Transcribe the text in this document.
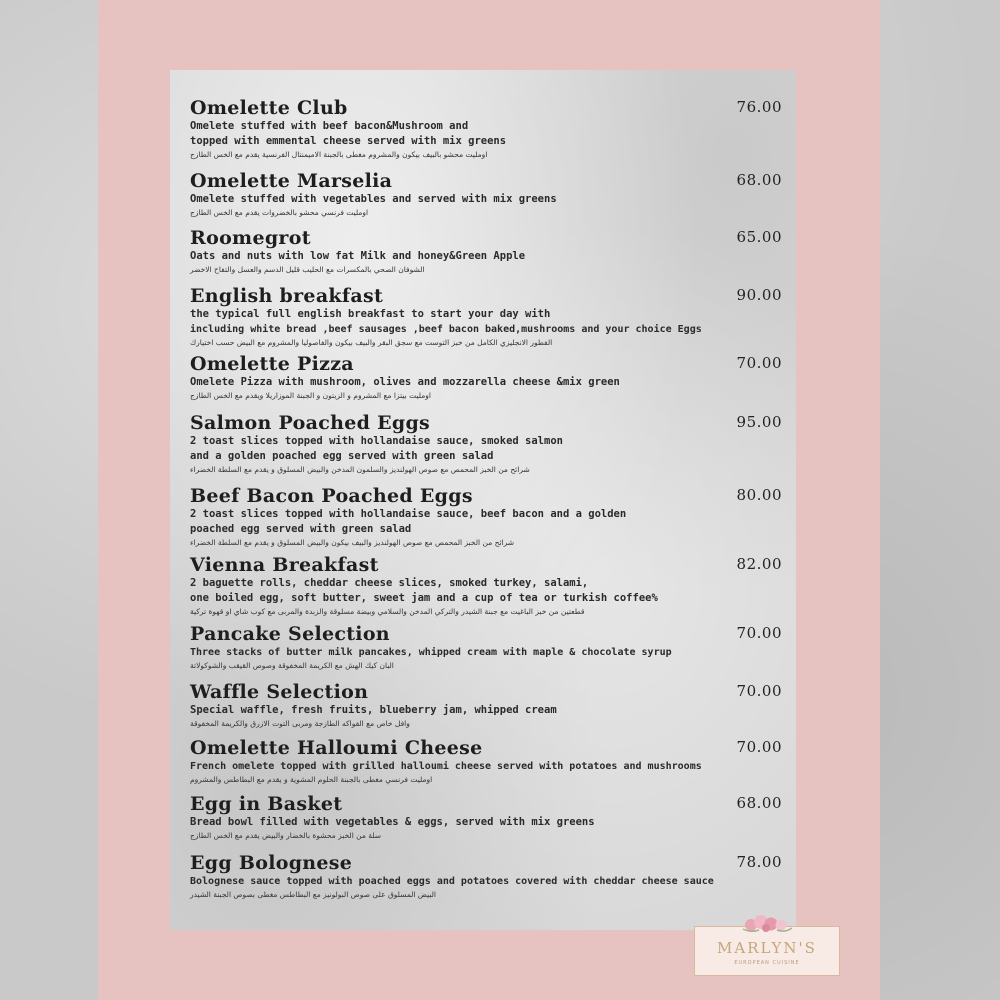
Omelette Club	76.00
Omelete stuffed with beef bacon&Mushroom and
topped with emmental cheese served with mix greens
اومليت محشو بالبيف بيكون والمشروم مغطى بالجبنة الاميمنتال الفرنسية يقدم مع الخس الطازج
Omelette Marselia	68.00
Omelete stuffed with vegetables and served with mix greens
اومليت فرنسي محشو بالخضروات يقدم مع الخس الطازج
Roomegrot	65.00
Oats and nuts with low fat Milk and honey&Green Apple
الشوفان الصحي بالمكسرات مع الحليب قليل الدسم والعسل والتفاح الاخضر
English breakfast	90.00
the typical full english breakfast to start your day with
including white bread ,beef sausages ,beef bacon baked,mushrooms and your choice Eggs
الفطور الانجليزي الكامل من خبز التوست مع سجق البقر والبيف بيكون والفاصوليا والمشروم مع البيض حسب اختيارك
Omelette Pizza	70.00
Omelete Pizza with mushroom, olives and mozzarella cheese &mix green
اومليت بيتزا مع المشروم و الزيتون و الجبنة الموزاريلا ويقدم مع الخس الطازج
Salmon Poached Eggs	95.00
2 toast slices topped with hollandaise sauce, smoked salmon
and a golden poached egg served with green salad
شرائح من الخبز المحمص مع صوص الهولنديز والسلمون المدخن والبيض المسلوق و يقدم مع السلطة الخضراء
Beef Bacon Poached Eggs	80.00
2 toast slices topped with hollandaise sauce, beef bacon and a golden
poached egg served with green salad
شرائح من الخبز المحمص مع صوص الهولنديز والبيف بيكون والبيض المسلوق و يقدم مع السلطة الخضراء
Vienna Breakfast	82.00
2 baguette rolls, cheddar cheese slices, smoked turkey, salami,
one boiled egg, soft butter, sweet jam and a cup of tea or turkish coffee%
قطعتين من خبز الباغيت مع جبنة الشيدر والتركي المدخن والسلامي وبيضة مسلوقة والزبدة والمربى مع كوب شاي او قهوة تركية
Pancake Selection	70.00
Three stacks of butter milk pancakes, whipped cream with maple & chocolate syrup
البان كيك الهش مع الكريمة المخفوقة وصوص القيقب والشوكولاتة
Waffle Selection	70.00
Special waffle, fresh fruits, blueberry jam, whipped cream
وافل خاص مع الفواكه الطازجة ومربى التوت الازرق والكريمة المخفوقة
Omelette Halloumi Cheese	70.00
French omelete topped with grilled halloumi cheese served with potatoes and mushrooms
اومليت فرنسي مغطى بالجبنة الحلوم المشوية و يقدم مع البطاطس والمشروم
Egg in Basket	68.00
Bread bowl filled with vegetables & eggs, served with mix greens
سلة من الخبز محشوة بالخضار والبيض يقدم مع الخس الطازج
Egg Bolognese	78.00
Bolognese sauce topped with poached eggs and potatoes covered with cheddar cheese sauce
البيض المسلوق على صوص البولونيز مع البطاطس مغطى بصوص الجبنة الشيدر
MARLYN'S
EUROPEAN CUISINE
